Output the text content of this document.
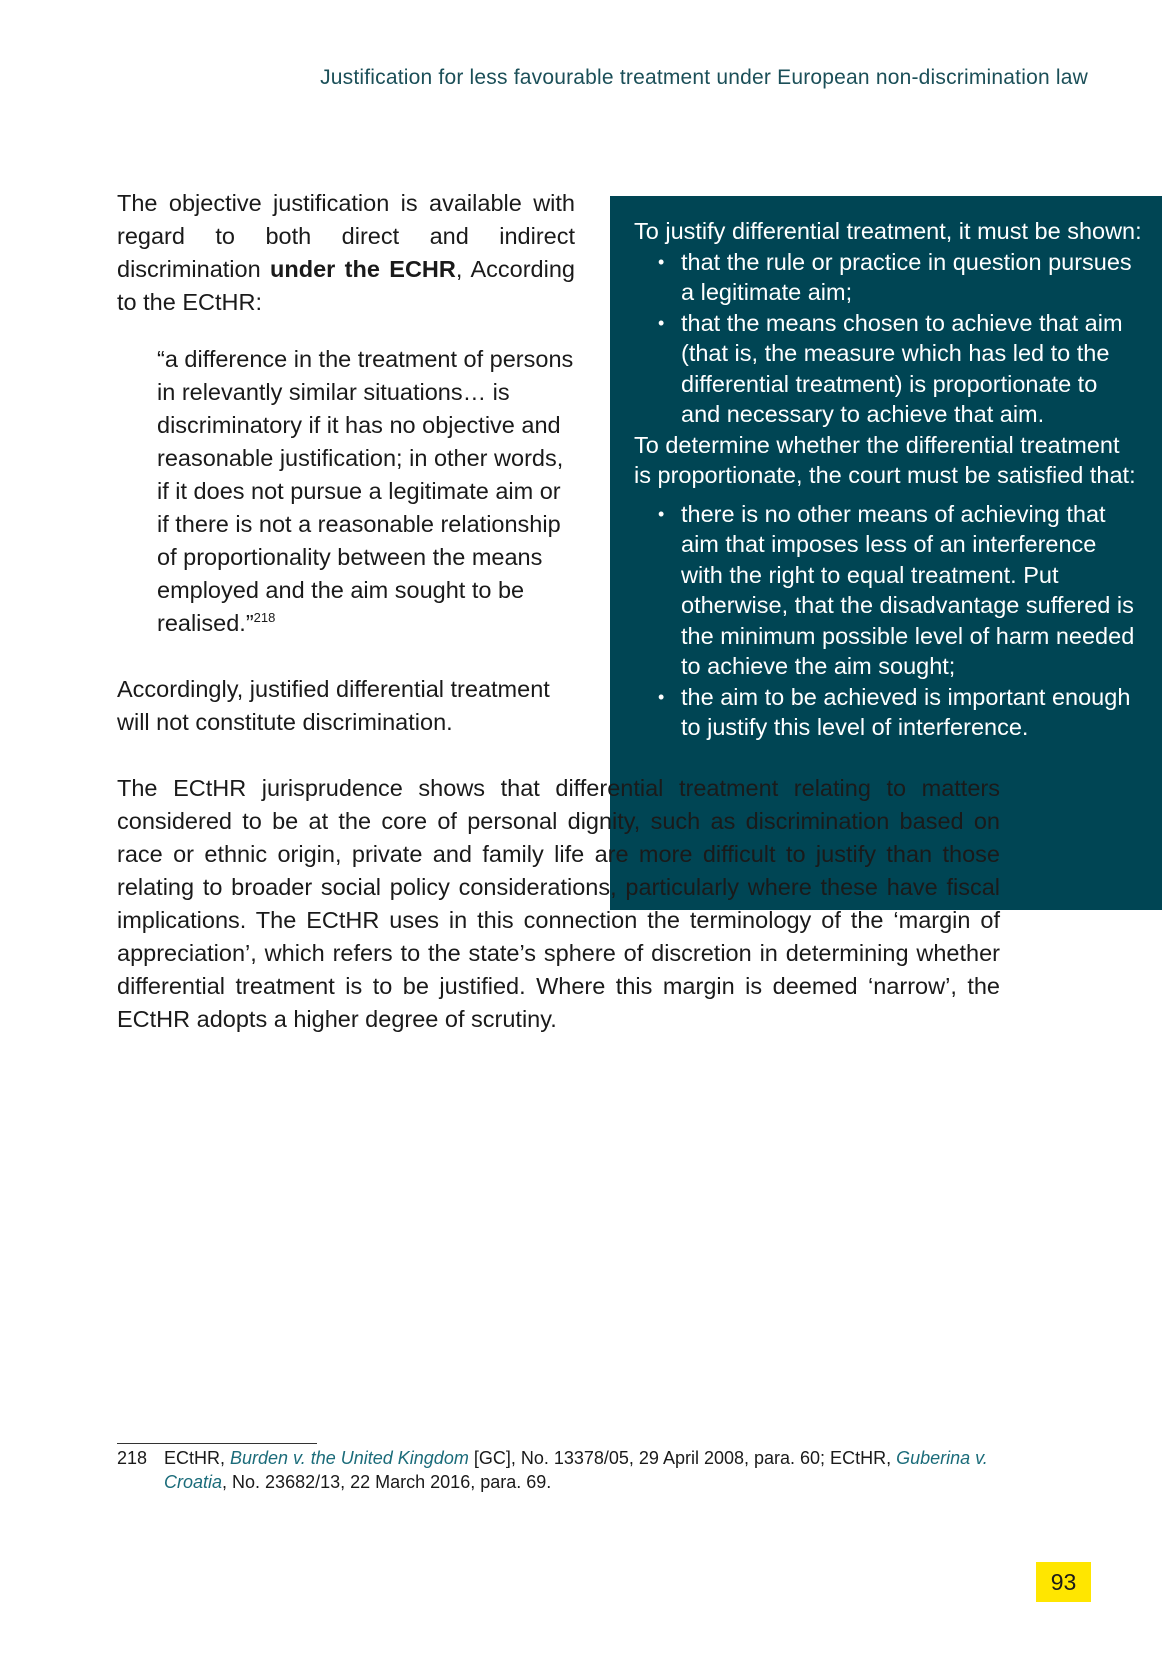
Justification for less favourable treatment under European non-discrimination law

To justify differential treatment, it must be shown:

• that the rule or practice in question pursues a legitimate aim;
• that the means chosen to achieve that aim (that is, the measure which has led to the differential treatment) is proportionate to and necessary to achieve that aim.

To determine whether the differential treatment is proportionate, the court must be satisfied that:

• there is no other means of achieving that aim that imposes less of an interference with the right to equal treatment. Put otherwise, that the disadvantage suffered is the minimum possible level of harm needed to achieve the aim sought;
• the aim to be achieved is important enough to justify this level of interference.

The objective justification is available with regard to both direct and indirect discrimination under the ECHR, According to the ECtHR:

“a difference in the treatment of persons in relevantly similar situations… is discriminatory if it has no objective and reasonable justification; in other words, if it does not pursue a legitimate aim or if there is not a reasonable relationship of proportionality between the means employed and the aim sought to be realised.”$^{218}$

Accordingly, justified differential treatment will not constitute discrimination.

The ECtHR jurisprudence shows that differential treatment relating to matters considered to be at the core of personal dignity, such as discrimination based on race or ethnic origin, private and family life are more difficult to justify than those relating to broader social policy considerations, particularly where these have fiscal implications. The ECtHR uses in this connection the terminology of the ‘margin of appreciation’, which refers to the state’s sphere of discretion in determining whether differential treatment is to be justified. Where this margin is deemed ‘narrow’, the ECtHR adopts a higher degree of scrutiny.

218 ECtHR, Burden v. the United Kingdom [GC], No. 13378/05, 29 April 2008, para. 60; ECtHR, Guberina v. Croatia, No. 23682/13, 22 March 2016, para. 69.
93
